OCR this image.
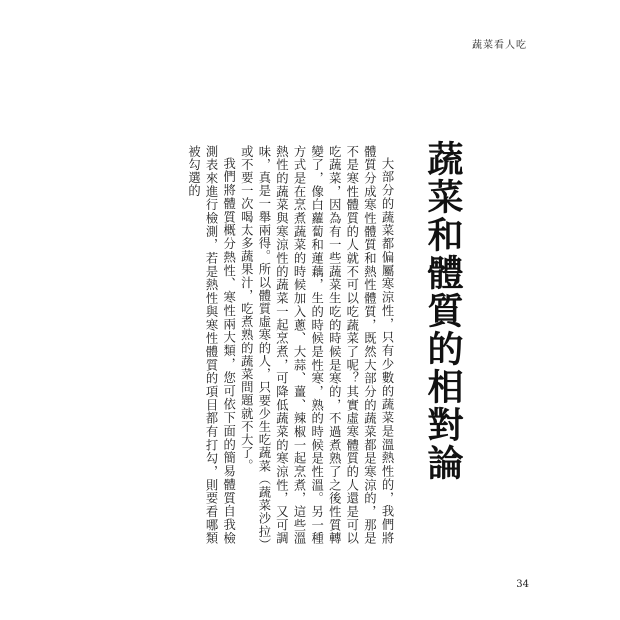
蔬菜看人吃
蔬菜和體質的相對論

大部分的蔬菜都偏屬寒涼性，只有少數的蔬菜是溫熱性的，我們將體質分成寒性體質和熱性體質，既然大部分的蔬菜都是寒涼的，那是不是寒性體質的人就不可以吃蔬菜了呢？其實虛寒體質的人還是可以吃蔬菜，因為有一些蔬菜生吃的時候是寒的，不過煮熟了之後性質轉變了，像白蘿蔔和蓮藕，生的時候是性寒，熟的時候是性溫。另一種方式是在烹煮蔬菜的時候加入蔥、大蒜、薑、辣椒一起烹煮，這些溫熱性的蔬菜與寒涼性的蔬菜一起烹煮，可降低蔬菜的寒涼性，又可調味，真是一舉兩得。所以體質虛寒的人，只要少生吃蔬菜（蔬菜沙拉）或不要一次喝太多蔬果汁，吃煮熟的蔬菜問題就不大了。

我們將體質概分熱性、寒性兩大類，您可依下面的簡易體質自我檢測表來進行檢測，若是熱性與寒性體質的項目都有打勾，則要看哪類被勾選的

34
